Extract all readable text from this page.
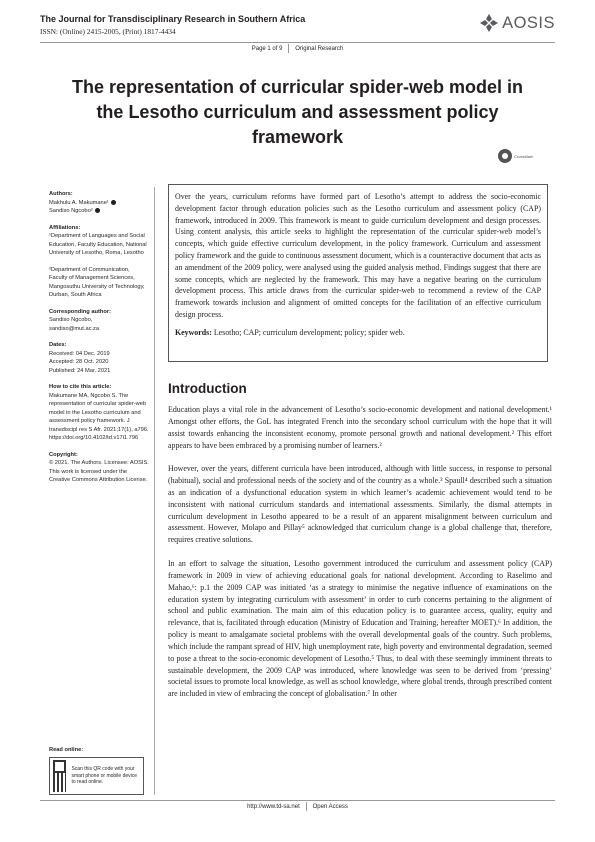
The Journal for Transdisciplinary Research in Southern Africa
ISSN: (Online) 2415-2005, (Print) 1817-4434	AOSIS
Page 1 of 9 Original Research
The representation of curricular spider-web model in the Lesotho curriculum and assessment policy framework
CrossMark
Authors:
Makhulu A. Makumane¹
Sandiso Ngcobo²
Affiliations:
¹Department of Languages and Social Education, Faculty Education, National University of Lesotho, Roma, Lesotho
²Department of Communication, Faculty of Management Sciences, Mangosuthu University of Technology, Durban, South Africa
Corresponding author:
Sandiso Ngcobo,
sandiso@mut.ac.za
Dates:
Received: 04 Dec. 2019
Accepted: 28 Oct. 2020
Published: 24 Mar. 2021
How to cite this article:
Makumane MA, Ngcobo S. The representation of curricular spider-web model in the Lesotho curriculum and assessment policy framework. J transdiscipl res S Afr. 2021;17(1), a796. https://doi.org/10.4102/td.v17i1.796
Copyright:
© 2021. The Authors. Licensee: AOSIS. This work is licensed under the Creative Commons Attribution License.

Over the years, curriculum reforms have formed part of Lesotho’s attempt to address the socio-economic development factor through education policies such as the Lesotho curriculum and assessment policy (CAP) framework, introduced in 2009. This framework is meant to guide curriculum development and design processes. Using content analysis, this article seeks to highlight the representation of the curricular spider-web model’s concepts, which guide effective curriculum development, in the policy framework. Curriculum and assessment policy framework and the guide to continuous assessment document, which is a counteractive document that acts as an amendment of the 2009 policy, were analysed using the guided analysis method. Findings suggest that there are some concepts, which are neglected by the framework. This may have a negative bearing on the curriculum development process. This article draws from the curricular spider-web to recommend a review of the CAP framework towards inclusion and alignment of omitted concepts for the facilitation of an effective curriculum design process.

Keywords: Lesotho; CAP; curriculum development; policy; spider web.

Introduction

Education plays a vital role in the advancement of Lesotho’s socio-economic development and national development.¹ Amongst other efforts, the GoL has integrated French into the secondary school curriculum with the hope that it will assist towards enhancing the inconsistent economy, promote personal growth and national development.² This effort appears to have been embraced by a promising number of learners.²

However, over the years, different curricula have been introduced, although with little success, in response to personal (habitual), social and professional needs of the society and of the country as a whole.³ Spaull⁴ described such a situation as an indication of a dysfunctional education system in which learner’s academic achievement would tend to be inconsistent with national curriculum standards and international assessments. Similarly, the dismal attempts in curriculum development in Lesotho appeared to be a result of an apparent misalignment between curriculum and assessment. However, Molapo and Pillay⁵ acknowledged that curriculum change is a global challenge that, therefore, requires creative solutions.

In an effort to salvage the situation, Lesotho government introduced the curriculum and assessment policy (CAP) framework in 2009 in view of achieving educational goals for national development. According to Raselimo and Mahao,⁶: p.1 the 2009 CAP was initiated ‘as a strategy to minimise the negative influence of examinations on the education system by integrating curriculum with assessment’ in order to curb concerns pertaining to the alignment of school and public examination. The main aim of this education policy is to guarantee access, quality, equity and relevance, that is, facilitated through education (Ministry of Education and Training, hereafter MOET).⁶ In addition, the policy is meant to amalgamate societal problems with the overall developmental goals of the country. Such problems, which include the rampant spread of HIV, high unemployment rate, high poverty and environmental degradation, seemed to pose a threat to the socio-economic development of Lesotho.⁵ Thus, to deal with these seemingly imminent threats to sustainable development, the 2009 CAP was introduced, where knowledge was seen to be derived from ‘pressing’ societal issues to promote local knowledge, as well as school knowledge, where global trends, through prescribed content are included in view of embracing the concept of globalisation.⁷ In other

Read online:
Scan this QR code with your smart phone or mobile device to read online.
http://www.td-sa.net Open Access
